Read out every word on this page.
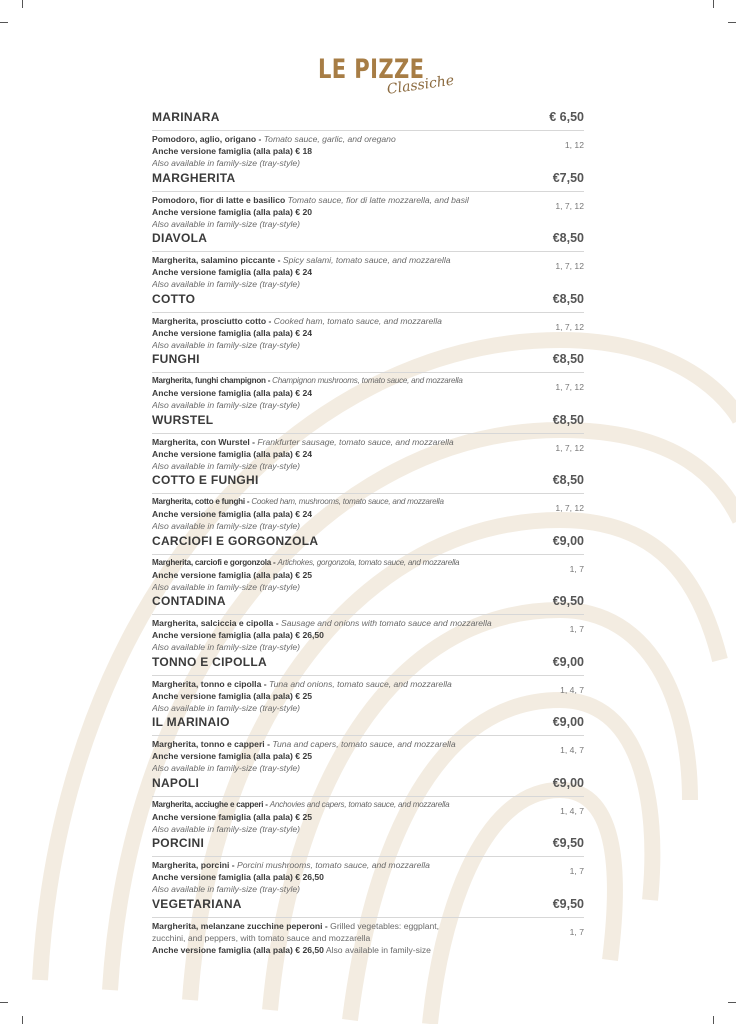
LE PIZZE
Classiche
MARINARA	€ 6,50
Pomodoro, aglio, origano - Tomato sauce, garlic, and oregano
Anche versione famiglia (alla pala) € 18
Also available in family-size (tray-style)
1, 12
MARGHERITA	€7,50
Pomodoro, fior di latte e basilico Tomato sauce, fior di latte mozzarella, and basil
Anche versione famiglia (alla pala) € 20
Also available in family-size (tray-style)
1, 7, 12
DIAVOLA	€8,50
Margherita, salamino piccante - Spicy salami, tomato sauce, and mozzarella
Anche versione famiglia (alla pala) € 24
Also available in family-size (tray-style)
1, 7, 12
COTTO	€8,50
Margherita, prosciutto cotto - Cooked ham, tomato sauce, and mozzarella
Anche versione famiglia (alla pala) € 24
Also available in family-size (tray-style)
1, 7, 12
FUNGHI	€8,50
Margherita, funghi champignon - Champignon mushrooms, tomato sauce, and mozzarella
Anche versione famiglia (alla pala) € 24
Also available in family-size (tray-style)
1, 7, 12
WURSTEL	€8,50
Margherita, con Wurstel - Frankfurter sausage, tomato sauce, and mozzarella
Anche versione famiglia (alla pala) € 24
Also available in family-size (tray-style)
1, 7, 12
COTTO E FUNGHI	€8,50
Margherita, cotto e funghi - Cooked ham, mushrooms, tomato sauce, and mozzarella
Anche versione famiglia (alla pala) € 24
Also available in family-size (tray-style)
1, 7, 12
CARCIOFI E GORGONZOLA	€9,00
Margherita, carciofi e gorgonzola - Artichokes, gorgonzola, tomato sauce, and mozzarella
Anche versione famiglia (alla pala) € 25
Also available in family-size (tray-style)
1, 7
CONTADINA	€9,50
Margherita, salciccia e cipolla - Sausage and onions with tomato sauce and mozzarella
Anche versione famiglia (alla pala) € 26,50
Also available in family-size (tray-style)
1, 7
TONNO E CIPOLLA	€9,00
Margherita, tonno e cipolla - Tuna and onions, tomato sauce, and mozzarella
Anche versione famiglia (alla pala) € 25
Also available in family-size (tray-style)
1, 4, 7
IL MARINAIO	€9,00
Margherita, tonno e capperi - Tuna and capers, tomato sauce, and mozzarella
Anche versione famiglia (alla pala) € 25
Also available in family-size (tray-style)
1, 4, 7
NAPOLI	€9,00
Margherita, acciughe e capperi - Anchovies and capers, tomato sauce, and mozzarella
Anche versione famiglia (alla pala) € 25
Also available in family-size (tray-style)
1, 4, 7
PORCINI	€9,50
Margherita, porcini - Porcini mushrooms, tomato sauce, and mozzarella
Anche versione famiglia (alla pala) € 26,50
Also available in family-size (tray-style)
1, 7
VEGETARIANA	€9,50
Margherita, melanzane zucchine peperoni - Grilled vegetables: eggplant,
zucchini, and peppers, with tomato sauce and mozzarella
Anche versione famiglia (alla pala) € 26,50 Also available in family-size
1, 7
